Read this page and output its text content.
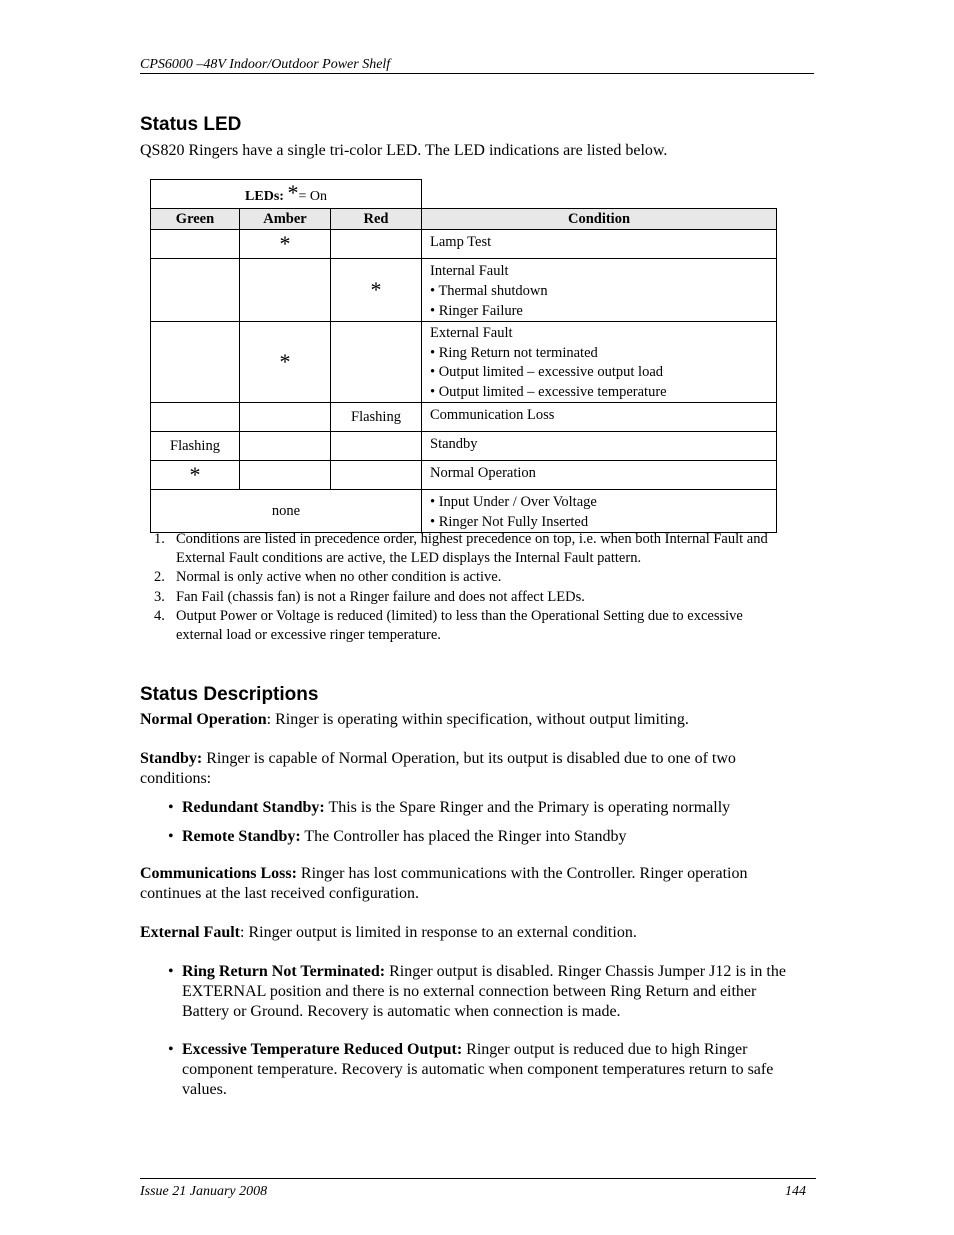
CPS6000 –48V Indoor/Outdoor Power Shelf
Status LED

QS820 Ringers have a single tri-color LED. The LED indications are listed below.

LEDs: *= On			
Green	Amber	Red	Condition
	*		Lamp Test

		*	Internal Fault
• Thermal shutdown
• Ringer Failure

	*		External Fault
• Ring Return not terminated
• Output limited – excessive output load
• Output limited – excessive temperature

		Flashing	Communication Loss

Flashing			Standby

*			Normal Operation

none			• Input Under / Over Voltage
• Ringer Not Fully Inserted
1. Conditions are listed in precedence order, highest precedence on top, i.e. when both Internal Fault and External Fault conditions are active, the LED displays the Internal Fault pattern.
2. Normal is only active when no other condition is active.
3. Fan Fail (chassis fan) is not a Ringer failure and does not affect LEDs.
4. Output Power or Voltage is reduced (limited) to less than the Operational Setting due to excessive external load or excessive ringer temperature.
Status Descriptions

Normal Operation: Ringer is operating within specification, without output limiting.

Standby: Ringer is capable of Normal Operation, but its output is disabled due to one of two conditions:

• Redundant Standby: This is the Spare Ringer and the Primary is operating normally
• Remote Standby: The Controller has placed the Ringer into Standby

Communications Loss: Ringer has lost communications with the Controller. Ringer operation continues at the last received configuration.

External Fault: Ringer output is limited in response to an external condition.

• Ring Return Not Terminated: Ringer output is disabled. Ringer Chassis Jumper J12 is in the EXTERNAL position and there is no external connection between Ring Return and either Battery or Ground. Recovery is automatic when connection is made.
• Excessive Temperature Reduced Output: Ringer output is reduced due to high Ringer component temperature. Recovery is automatic when component temperatures return to safe values.
Issue 21 January 2008	144
